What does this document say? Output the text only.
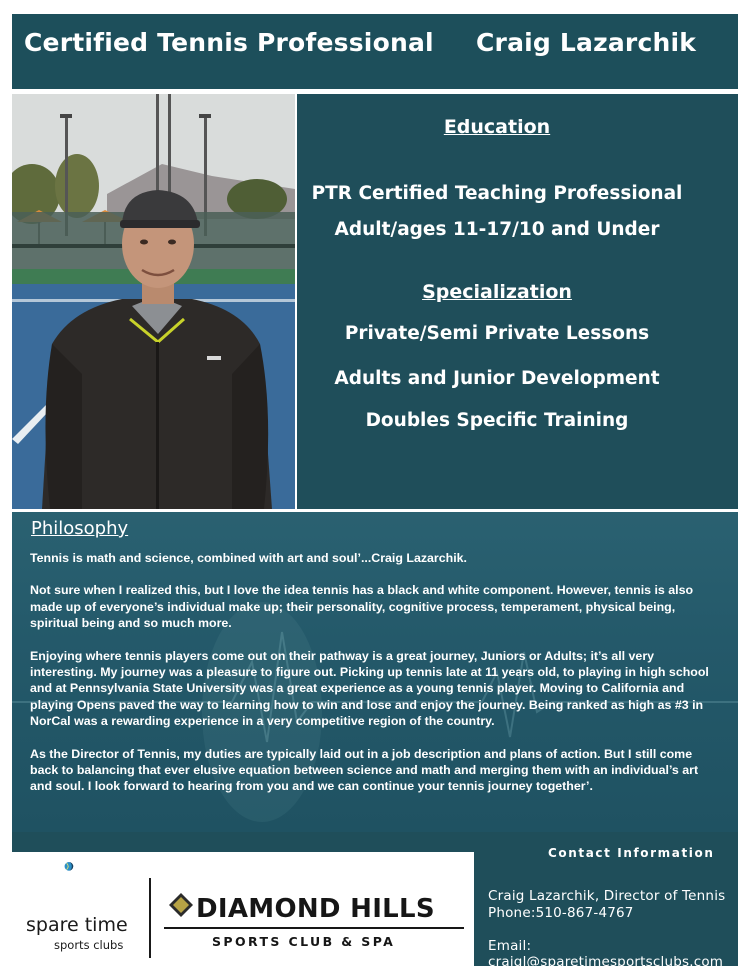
Certified Tennis Professional Craig Lazarchik
Education
PTR Certified Teaching Professional
Adult/ages 11-17/10 and Under
Specialization
Private/Semi Private Lessons
Adults and Junior Development
Doubles Specific Training
Philosophy

Tennis is math and science, combined with art and soul’...Craig Lazarchik.

Not sure when I realized this, but I love the idea tennis has a black and white component. However, tennis is also made up of everyone’s individual make up; their personality, cognitive process, temperament, physical being, spiritual being and so much more.

Enjoying where tennis players come out on their pathway is a great journey, Juniors or Adults; it’s all very interesting. My journey was a pleasure to figure out. Picking up tennis late at 11 years old, to playing in high school and at Pennsylvania State University was a great experience as a young tennis player. Moving to California and playing Opens paved the way to learning how to win and lose and enjoy the journey. Being ranked as high as #3 in NorCal was a rewarding experience in a very competitive region of the country.

As the Director of Tennis, my duties are typically laid out in a job description and plans of action. But I still come back to balancing that ever elusive equation between science and math and merging them with an individual’s art and soul. I look forward to hearing from you and we can continue your tennis journey together’.

spare time
sports clubs
DIAMOND HILLS
SPORTS CLUB & SPA
Contact Information
Craig Lazarchik, Director of Tennis
Phone:510-867-4767
Email:
craigl@sparetimesportsclubs.com
